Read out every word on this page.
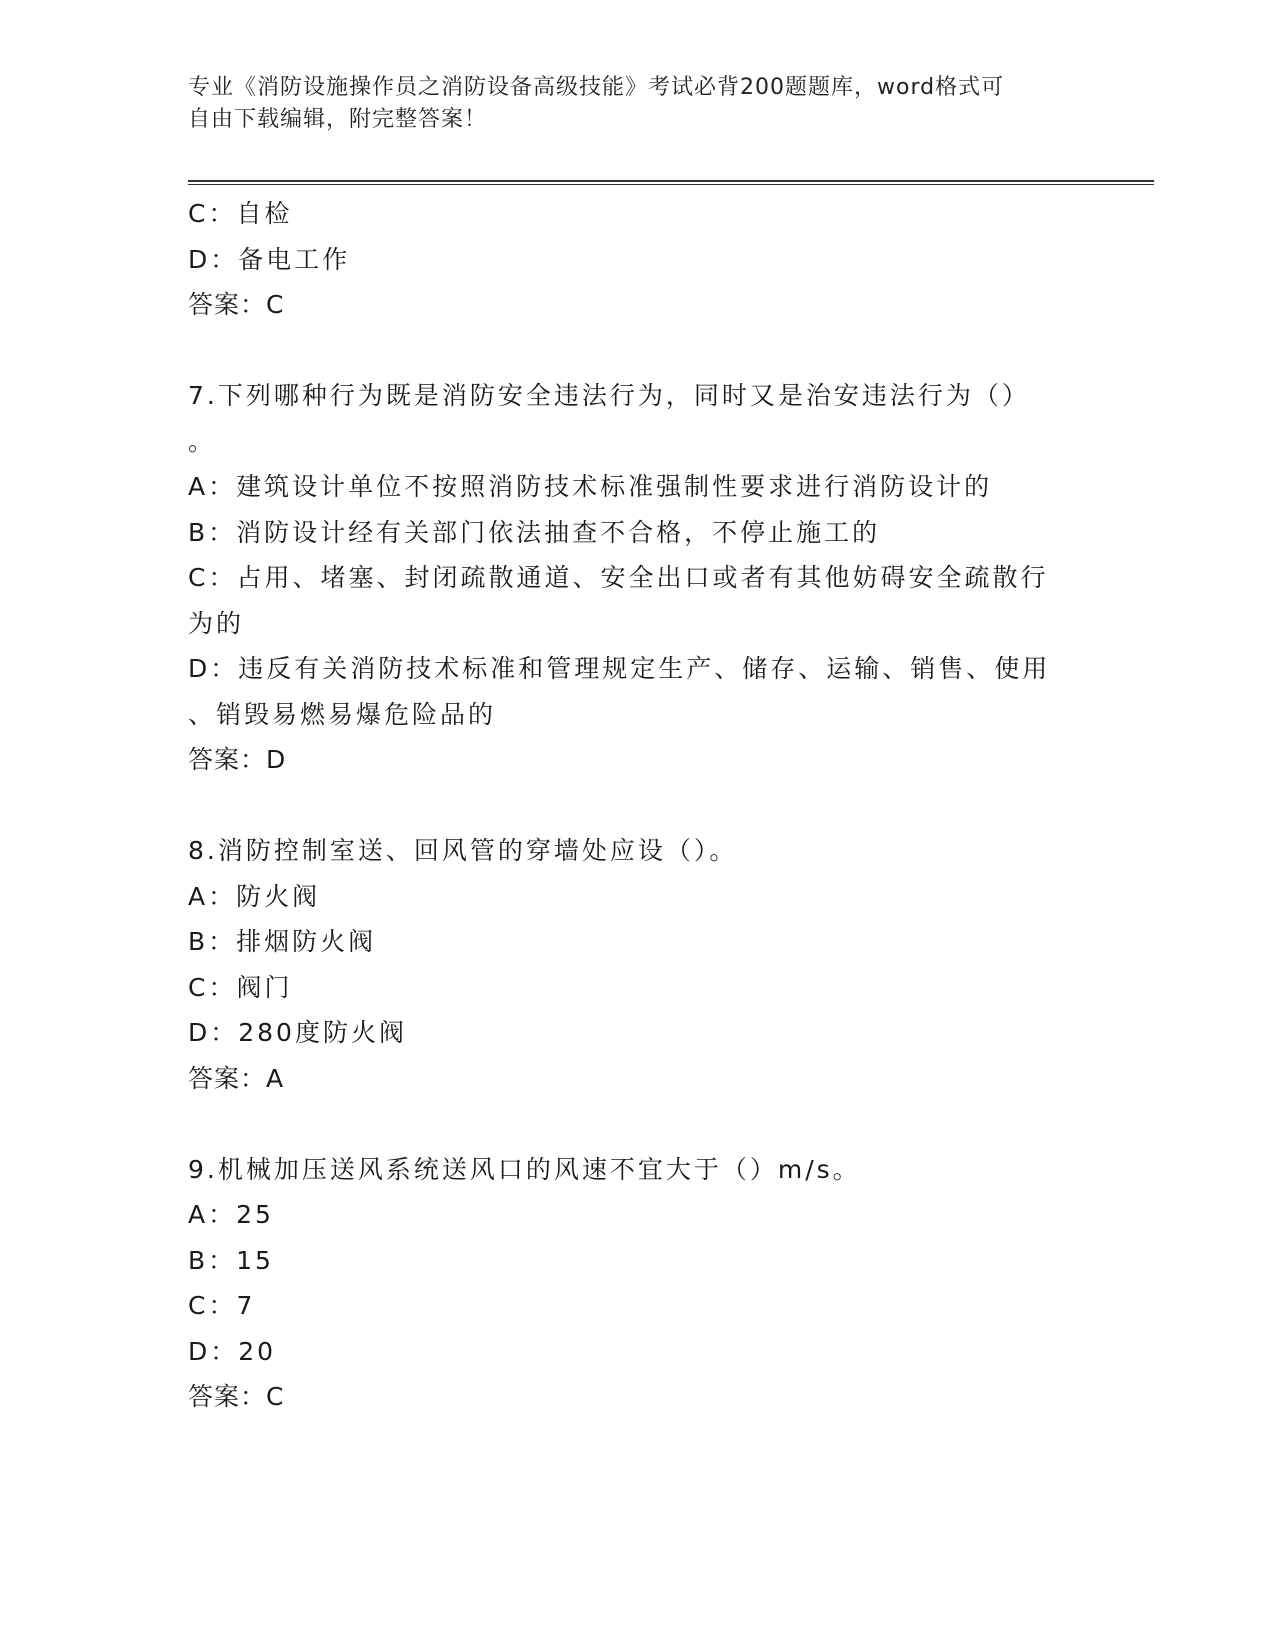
专业《消防设施操作员之消防设备高级技能》考试必背200题题库，word格式可
自由下载编辑，附完整答案！
C：自检
D：备电工作
答案：C
7.下列哪种行为既是消防安全违法行为，同时又是治安违法行为（）
。
A：建筑设计单位不按照消防技术标准强制性要求进行消防设计的
B：消防设计经有关部门依法抽查不合格，不停止施工的
C：占用、堵塞、封闭疏散通道、安全出口或者有其他妨碍安全疏散行
为的
D：违反有关消防技术标准和管理规定生产、储存、运输、销售、使用
、销毁易燃易爆危险品的
答案：D
8.消防控制室送、回风管的穿墙处应设（）。
A：防火阀
B：排烟防火阀
C：阀门
D：280度防火阀
答案：A
9.机械加压送风系统送风口的风速不宜大于（）m/s。
A：25
B：15
C：7
D：20
答案：C
